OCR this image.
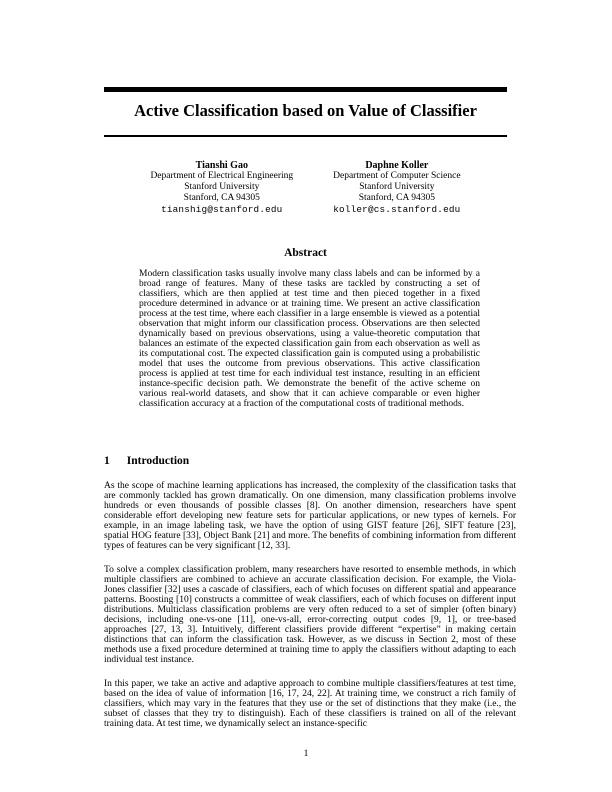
Active Classification based on Value of Classifier
Tianshi Gao
Department of Electrical Engineering
Stanford University
Stanford, CA 94305
tianshig@stanford.edu
Daphne Koller
Department of Computer Science
Stanford University
Stanford, CA 94305
koller@cs.stanford.edu
Abstract

Modern classification tasks usually involve many class labels and can be informed by a broad range of features. Many of these tasks are tackled by constructing a set of classifiers, which are then applied at test time and then pieced together in a fixed procedure determined in advance or at training time. We present an active classification process at the test time, where each classifier in a large ensemble is viewed as a potential observation that might inform our classification process. Observations are then selected dynamically based on previous observations, using a value-theoretic computation that balances an estimate of the expected classification gain from each observation as well as its computational cost. The expected classification gain is computed using a probabilistic model that uses the outcome from previous observations. This active classification process is applied at test time for each individual test instance, resulting in an efficient instance-specific decision path. We demonstrate the benefit of the active scheme on various real-world datasets, and show that it can achieve comparable or even higher classification accuracy at a fraction of the computational costs of traditional methods.

1 Introduction

As the scope of machine learning applications has increased, the complexity of the classification tasks that are commonly tackled has grown dramatically. On one dimension, many classification problems involve hundreds or even thousands of possible classes [8]. On another dimension, researchers have spent considerable effort developing new feature sets for particular applications, or new types of kernels. For example, in an image labeling task, we have the option of using GIST feature [26], SIFT feature [23], spatial HOG feature [33], Object Bank [21] and more. The benefits of combining information from different types of features can be very significant [12, 33].

To solve a complex classification problem, many researchers have resorted to ensemble methods, in which multiple classifiers are combined to achieve an accurate classification decision. For example, the Viola-Jones classifier [32] uses a cascade of classifiers, each of which focuses on different spatial and appearance patterns. Boosting [10] constructs a committee of weak classifiers, each of which focuses on different input distributions. Multiclass classification problems are very often reduced to a set of simpler (often binary) decisions, including one-vs-one [11], one-vs-all, error-correcting output codes [9, 1], or tree-based approaches [27, 13, 3]. Intuitively, different classifiers provide different “expertise” in making certain distinctions that can inform the classification task. However, as we discuss in Section 2, most of these methods use a fixed procedure determined at training time to apply the classifiers without adapting to each individual test instance.

In this paper, we take an active and adaptive approach to combine multiple classifiers/features at test time, based on the idea of value of information [16, 17, 24, 22]. At training time, we construct a rich family of classifiers, which may vary in the features that they use or the set of distinctions that they make (i.e., the subset of classes that they try to distinguish). Each of these classifiers is trained on all of the relevant training data. At test time, we dynamically select an instance-specific

1
